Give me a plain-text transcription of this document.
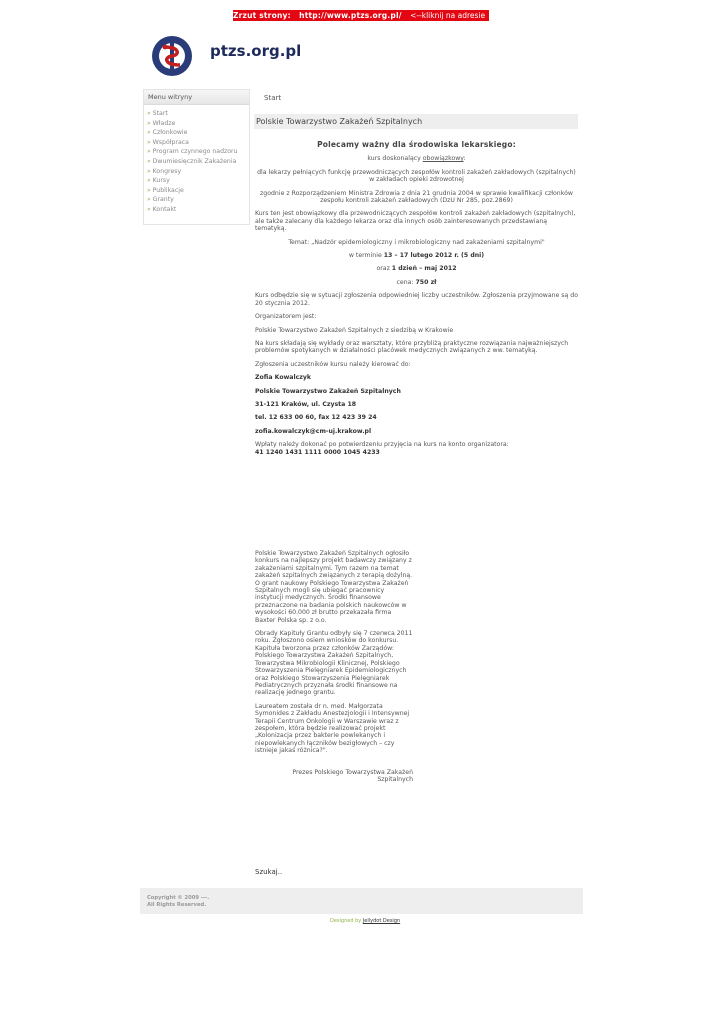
Zrzut strony: http://www.ptzs.org.pl/ <--kliknij na adresie
ptzs.org.pl
Menu witryny
» Start
» Władze
» Członkowie
» Współpraca
» Program czynnego nadzoru
» Dwumiesięcznik Zakażenia
» Kongresy
» Kursy
» Publikacje
» Granty
» Kontakt
Start
Polskie Towarzystwo Zakażeń Szpitalnych

Polecamy ważny dla środowiska lekarskiego:

kurs doskonalący obowiązkowy:

dla lekarzy pełniących funkcję przewodniczących zespołów kontroli zakażeń zakładowych (szpitalnych) w zakładach opieki zdrowotnej

zgodnie z Rozporządzeniem Ministra Zdrowia z dnia 21 grudnia 2004 w sprawie kwalifikacji członków zespołu kontroli zakażeń zakładowych (DzU Nr 285, poz.2869)

Kurs ten jest obowiązkowy dla przewodniczących zespołów kontroli zakażeń zakładowych (szpitalnych), ale także zalecany dla każdego lekarza oraz dla innych osób zainteresowanych przedstawianą tematyką.

Temat: „Nadzór epidemiologiczny i mikrobiologiczny nad zakażeniami szpitalnymi"

w terminie 13 – 17 lutego 2012 r. (5 dni)

oraz 1 dzień – maj 2012

cena: 750 zł

Kurs odbędzie się w sytuacji zgłoszenia odpowiedniej liczby uczestników. Zgłoszenia przyjmowane są do 20 stycznia 2012.

Organizatorem jest:

Polskie Towarzystwo Zakażeń Szpitalnych z siedzibą w Krakowie

Na kurs składają się wykłady oraz warsztaty, które przybliżą praktyczne rozwiązania najważniejszych problemów spotykanych w działalności placówek medycznych związanych z ww. tematyką.

Zgłoszenia uczestników kursu należy kierować do:

Zofia Kowalczyk

Polskie Towarzystwo Zakażeń Szpitalnych

31-121 Kraków, ul. Czysta 18

tel. 12 633 00 60, fax 12 423 39 24

zofia.kowalczyk@cm-uj.krakow.pl

Wpłaty należy dokonać po potwierdzeniu przyjęcia na kurs na konto organizatora:

41 1240 1431 1111 0000 1045 4233

Polskie Towarzystwo Zakażeń Szpitalnych ogłosiło konkurs na najlepszy projekt badawczy związany z zakażeniami szpitalnymi. Tym razem na temat zakażeń szpitalnych związanych z terapią dożylną. O grant naukowy Polskiego Towarzystwa Zakażeń Szpitalnych mogli się ubiegać pracownicy instytucji medycznych. Środki finansowe przeznaczone na badania polskich naukowców w wysokości 60.000 zł brutto przekazała firma Baxter Polska sp. z o.o.

Obrady Kapituły Grantu odbyły się 7 czerwca 2011 roku. Zgłoszono osiem wniosków do konkursu. Kapituła tworzona przez członków Zarządów: Polskiego Towarzystwa Zakażeń Szpitalnych, Towarzystwa Mikrobiologii Klinicznej, Polskiego Stowarzyszenia Pielęgniarek Epidemiologicznych oraz Polskiego Stowarzyszenia Pielęgniarek Pediatrycznych przyznała środki finansowe na realizację jednego grantu.

Laureatem została dr n. med. Małgorzata Symonides z Zakładu Anestezjologii i Intensywnej Terapii Centrum Onkologii w Warszawie wraz z zespołem, która będzie realizować projekt „Kolonizacja przez bakterie powlekanych i niepowlekanych łączników bezigłowych – czy istnieje jakaś różnica?".

Prezes Polskiego Towarzystwa Zakażeń Szpitalnych

Szukaj..
Copyright © 2009 ---.
All Rights Reserved.
Designed by Jellydot Design
